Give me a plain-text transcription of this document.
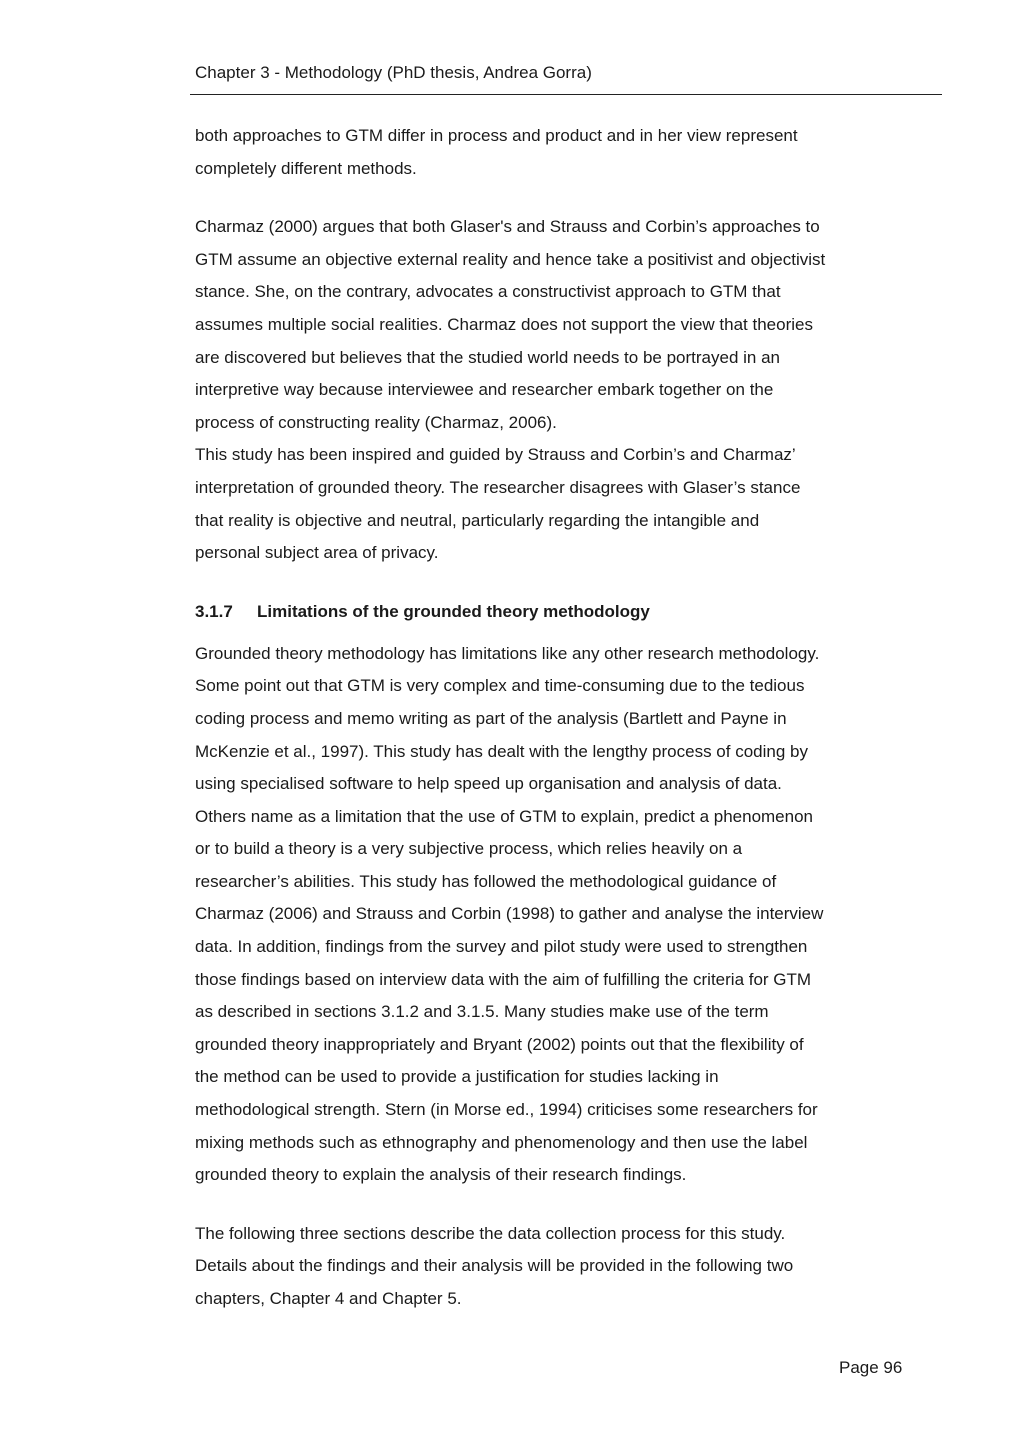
Chapter 3 - Methodology (PhD thesis, Andrea Gorra)

both approaches to GTM differ in process and product and in her view represent
completely different methods.

Charmaz (2000) argues that both Glaser's and Strauss and Corbin’s approaches to
GTM assume an objective external reality and hence take a positivist and objectivist
stance. She, on the contrary, advocates a constructivist approach to GTM that
assumes multiple social realities. Charmaz does not support the view that theories
are discovered but believes that the studied world needs to be portrayed in an
interpretive way because interviewee and researcher embark together on the
process of constructing reality (Charmaz, 2006).
This study has been inspired and guided by Strauss and Corbin’s and Charmaz’
interpretation of grounded theory. The researcher disagrees with Glaser’s stance
that reality is objective and neutral, particularly regarding the intangible and
personal subject area of privacy.

3.1.7 Limitations of the grounded theory methodology

Grounded theory methodology has limitations like any other research methodology.
Some point out that GTM is very complex and time-consuming due to the tedious
coding process and memo writing as part of the analysis (Bartlett and Payne in
McKenzie et al., 1997). This study has dealt with the lengthy process of coding by
using specialised software to help speed up organisation and analysis of data.
Others name as a limitation that the use of GTM to explain, predict a phenomenon
or to build a theory is a very subjective process, which relies heavily on a
researcher’s abilities. This study has followed the methodological guidance of
Charmaz (2006) and Strauss and Corbin (1998) to gather and analyse the interview
data. In addition, findings from the survey and pilot study were used to strengthen
those findings based on interview data with the aim of fulfilling the criteria for GTM
as described in sections 3.1.2 and 3.1.5. Many studies make use of the term
grounded theory inappropriately and Bryant (2002) points out that the flexibility of
the method can be used to provide a justification for studies lacking in
methodological strength. Stern (in Morse ed., 1994) criticises some researchers for
mixing methods such as ethnography and phenomenology and then use the label
grounded theory to explain the analysis of their research findings.

The following three sections describe the data collection process for this study.
Details about the findings and their analysis will be provided in the following two
chapters, Chapter 4 and Chapter 5.

Page 96
